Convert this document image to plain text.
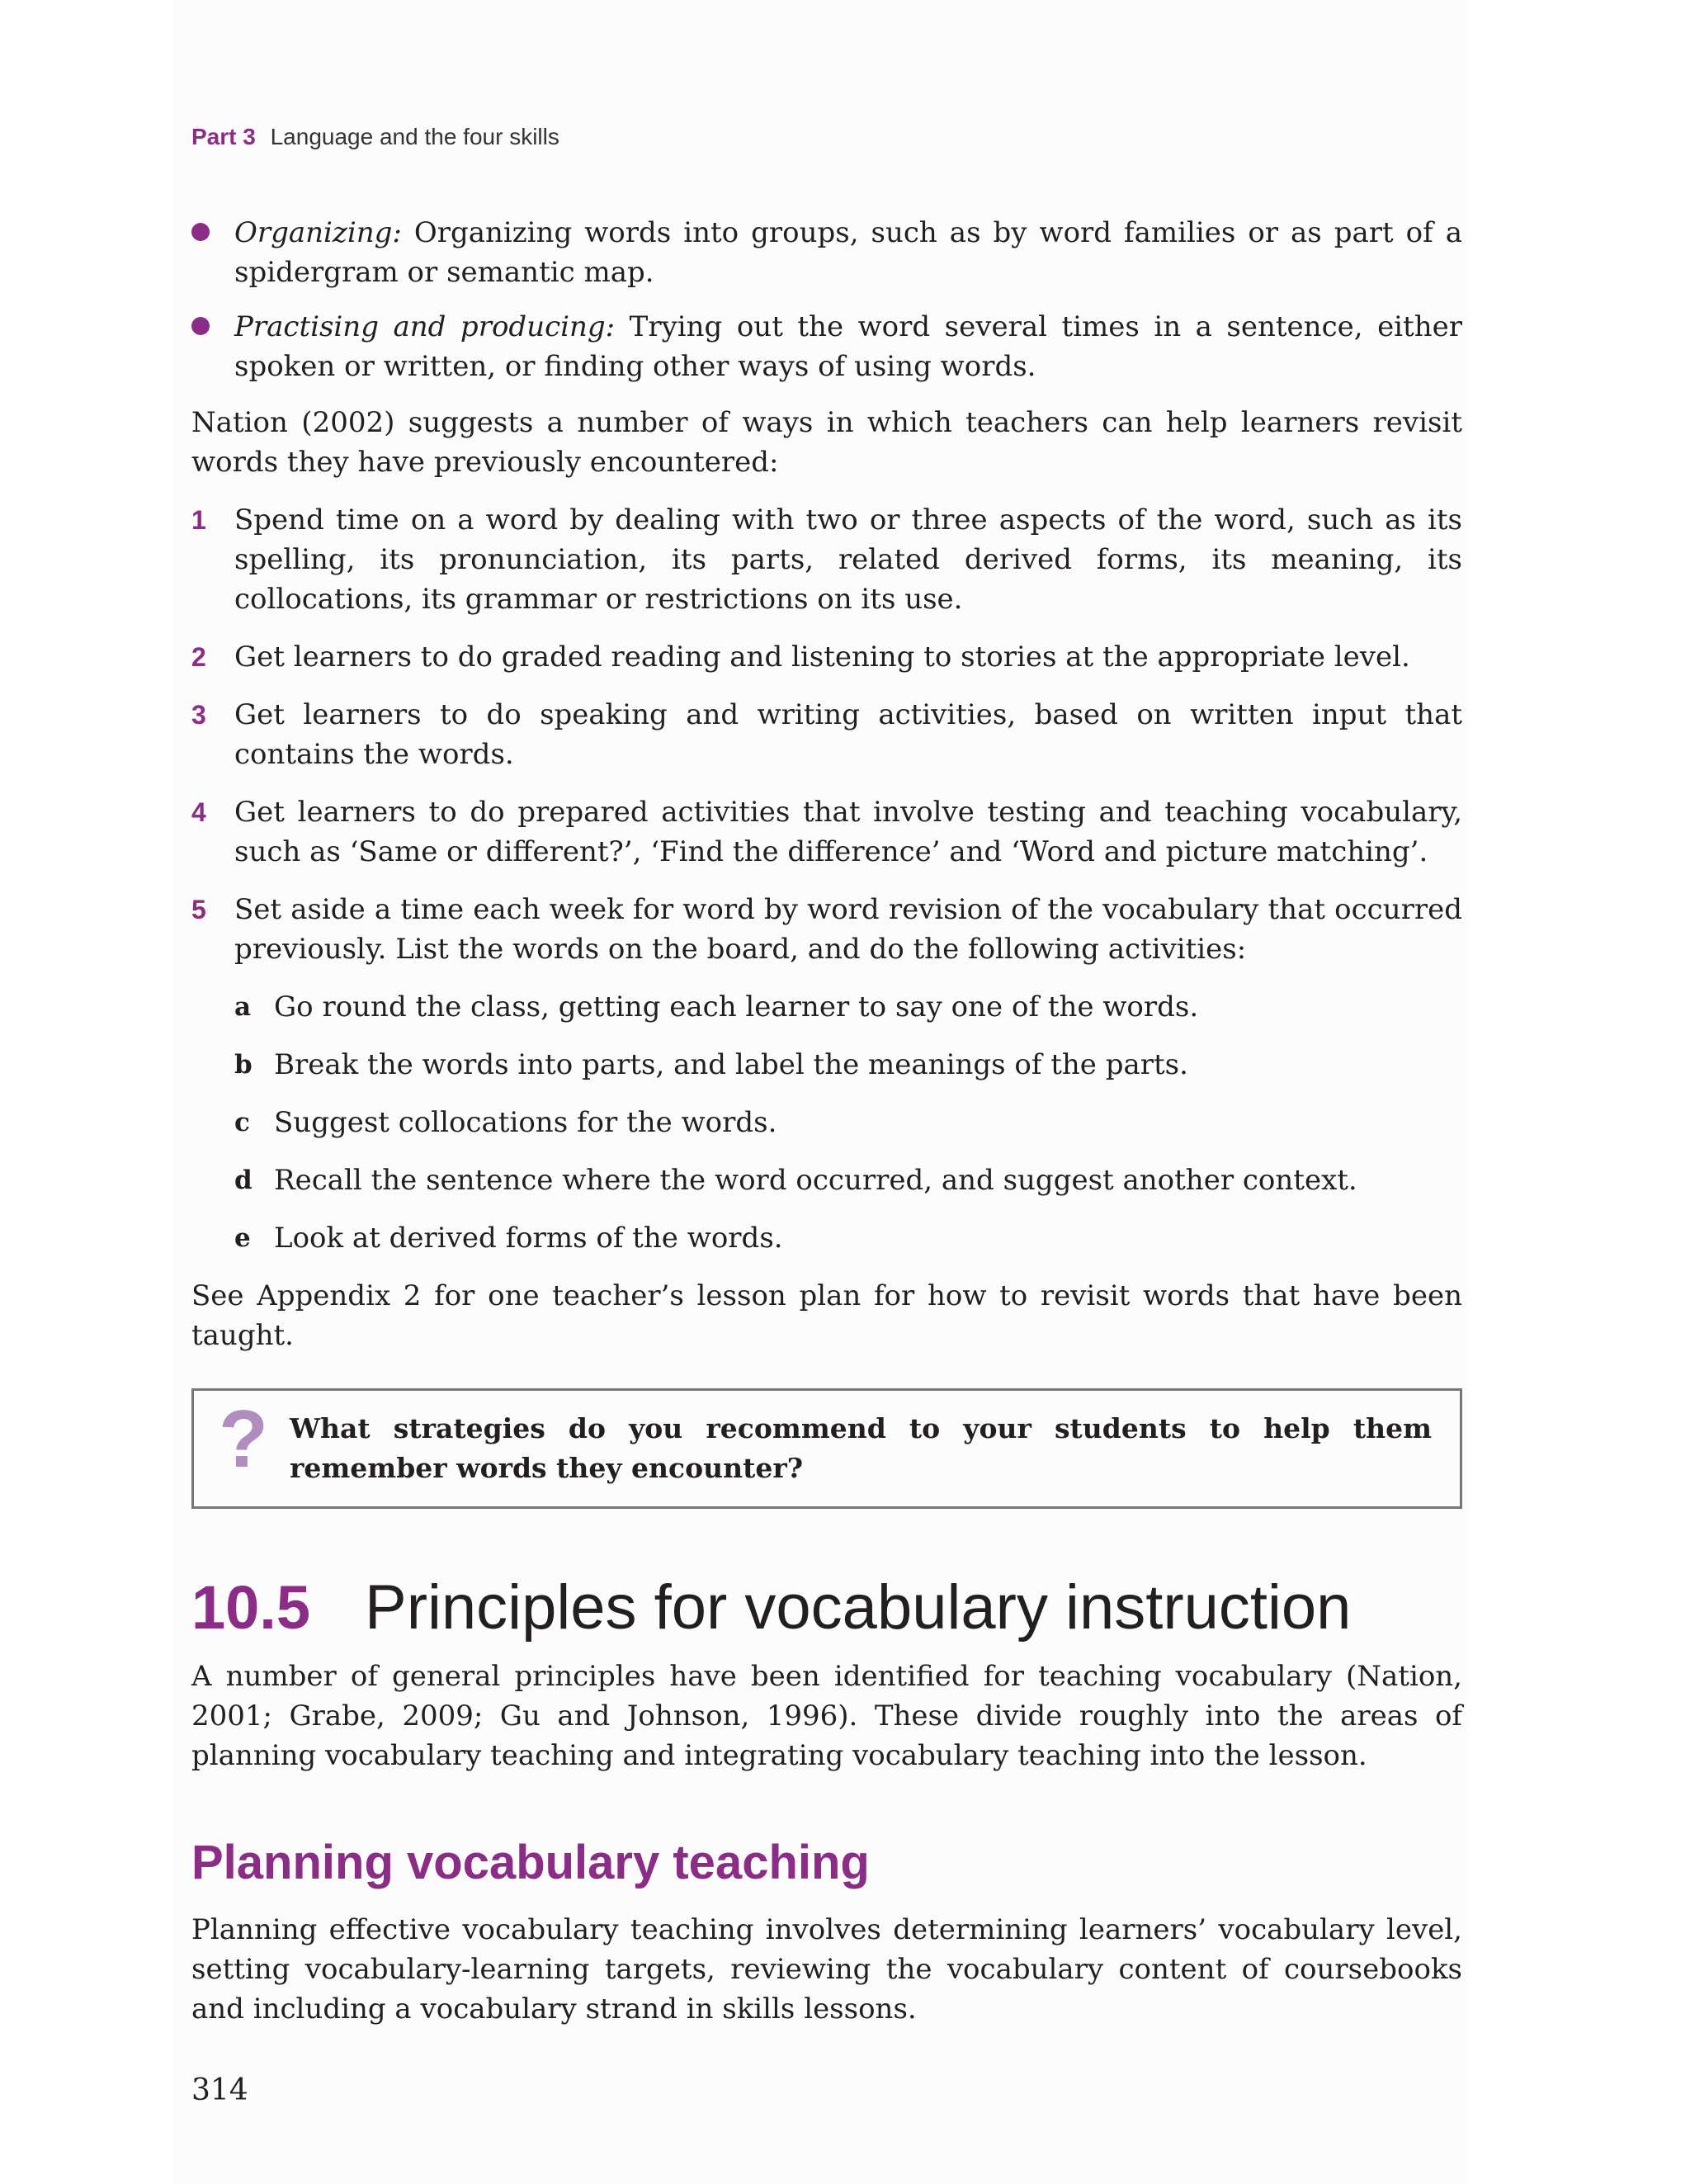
Part 3 Language and the four skills
Organizing: Organizing words into groups, such as by word families or as part of a spidergram or semantic map.
Practising and producing: Trying out the word several times in a sentence, either spoken or written, or finding other ways of using words.

Nation (2002) suggests a number of ways in which teachers can help learners revisit words they have previously encountered:

1 Spend time on a word by dealing with two or three aspects of the word, such as its spelling, its pronunciation, its parts, related derived forms, its meaning, its collocations, its grammar or restrictions on its use.
2 Get learners to do graded reading and listening to stories at the appropriate level.
3 Get learners to do speaking and writing activities, based on written input that contains the words.
4 Get learners to do prepared activities that involve testing and teaching vocabulary, such as ‘Same or different?’, ‘Find the difference’ and ‘Word and picture matching’.
5 Set aside a time each week for word by word revision of the vocabulary that occurred previously. List the words on the board, and do the following activities:
a Go round the class, getting each learner to say one of the words.
b Break the words into parts, and label the meanings of the parts.
c Suggest collocations for the words.
d Recall the sentence where the word occurred, and suggest another context.
e Look at derived forms of the words.

See Appendix 2 for one teacher’s lesson plan for how to revisit words that have been taught.

? What strategies do you recommend to your students to help them remember words they encounter?
10.5 Principles for vocabulary instruction

A number of general principles have been identified for teaching vocabulary (Nation, 2001; Grabe, 2009; Gu and Johnson, 1996). These divide roughly into the areas of planning vocabulary teaching and integrating vocabulary teaching into the lesson.

Planning vocabulary teaching

Planning effective vocabulary teaching involves determining learners’ vocabulary level, setting vocabulary-learning targets, reviewing the vocabulary content of coursebooks and including a vocabulary strand in skills lessons.

314
